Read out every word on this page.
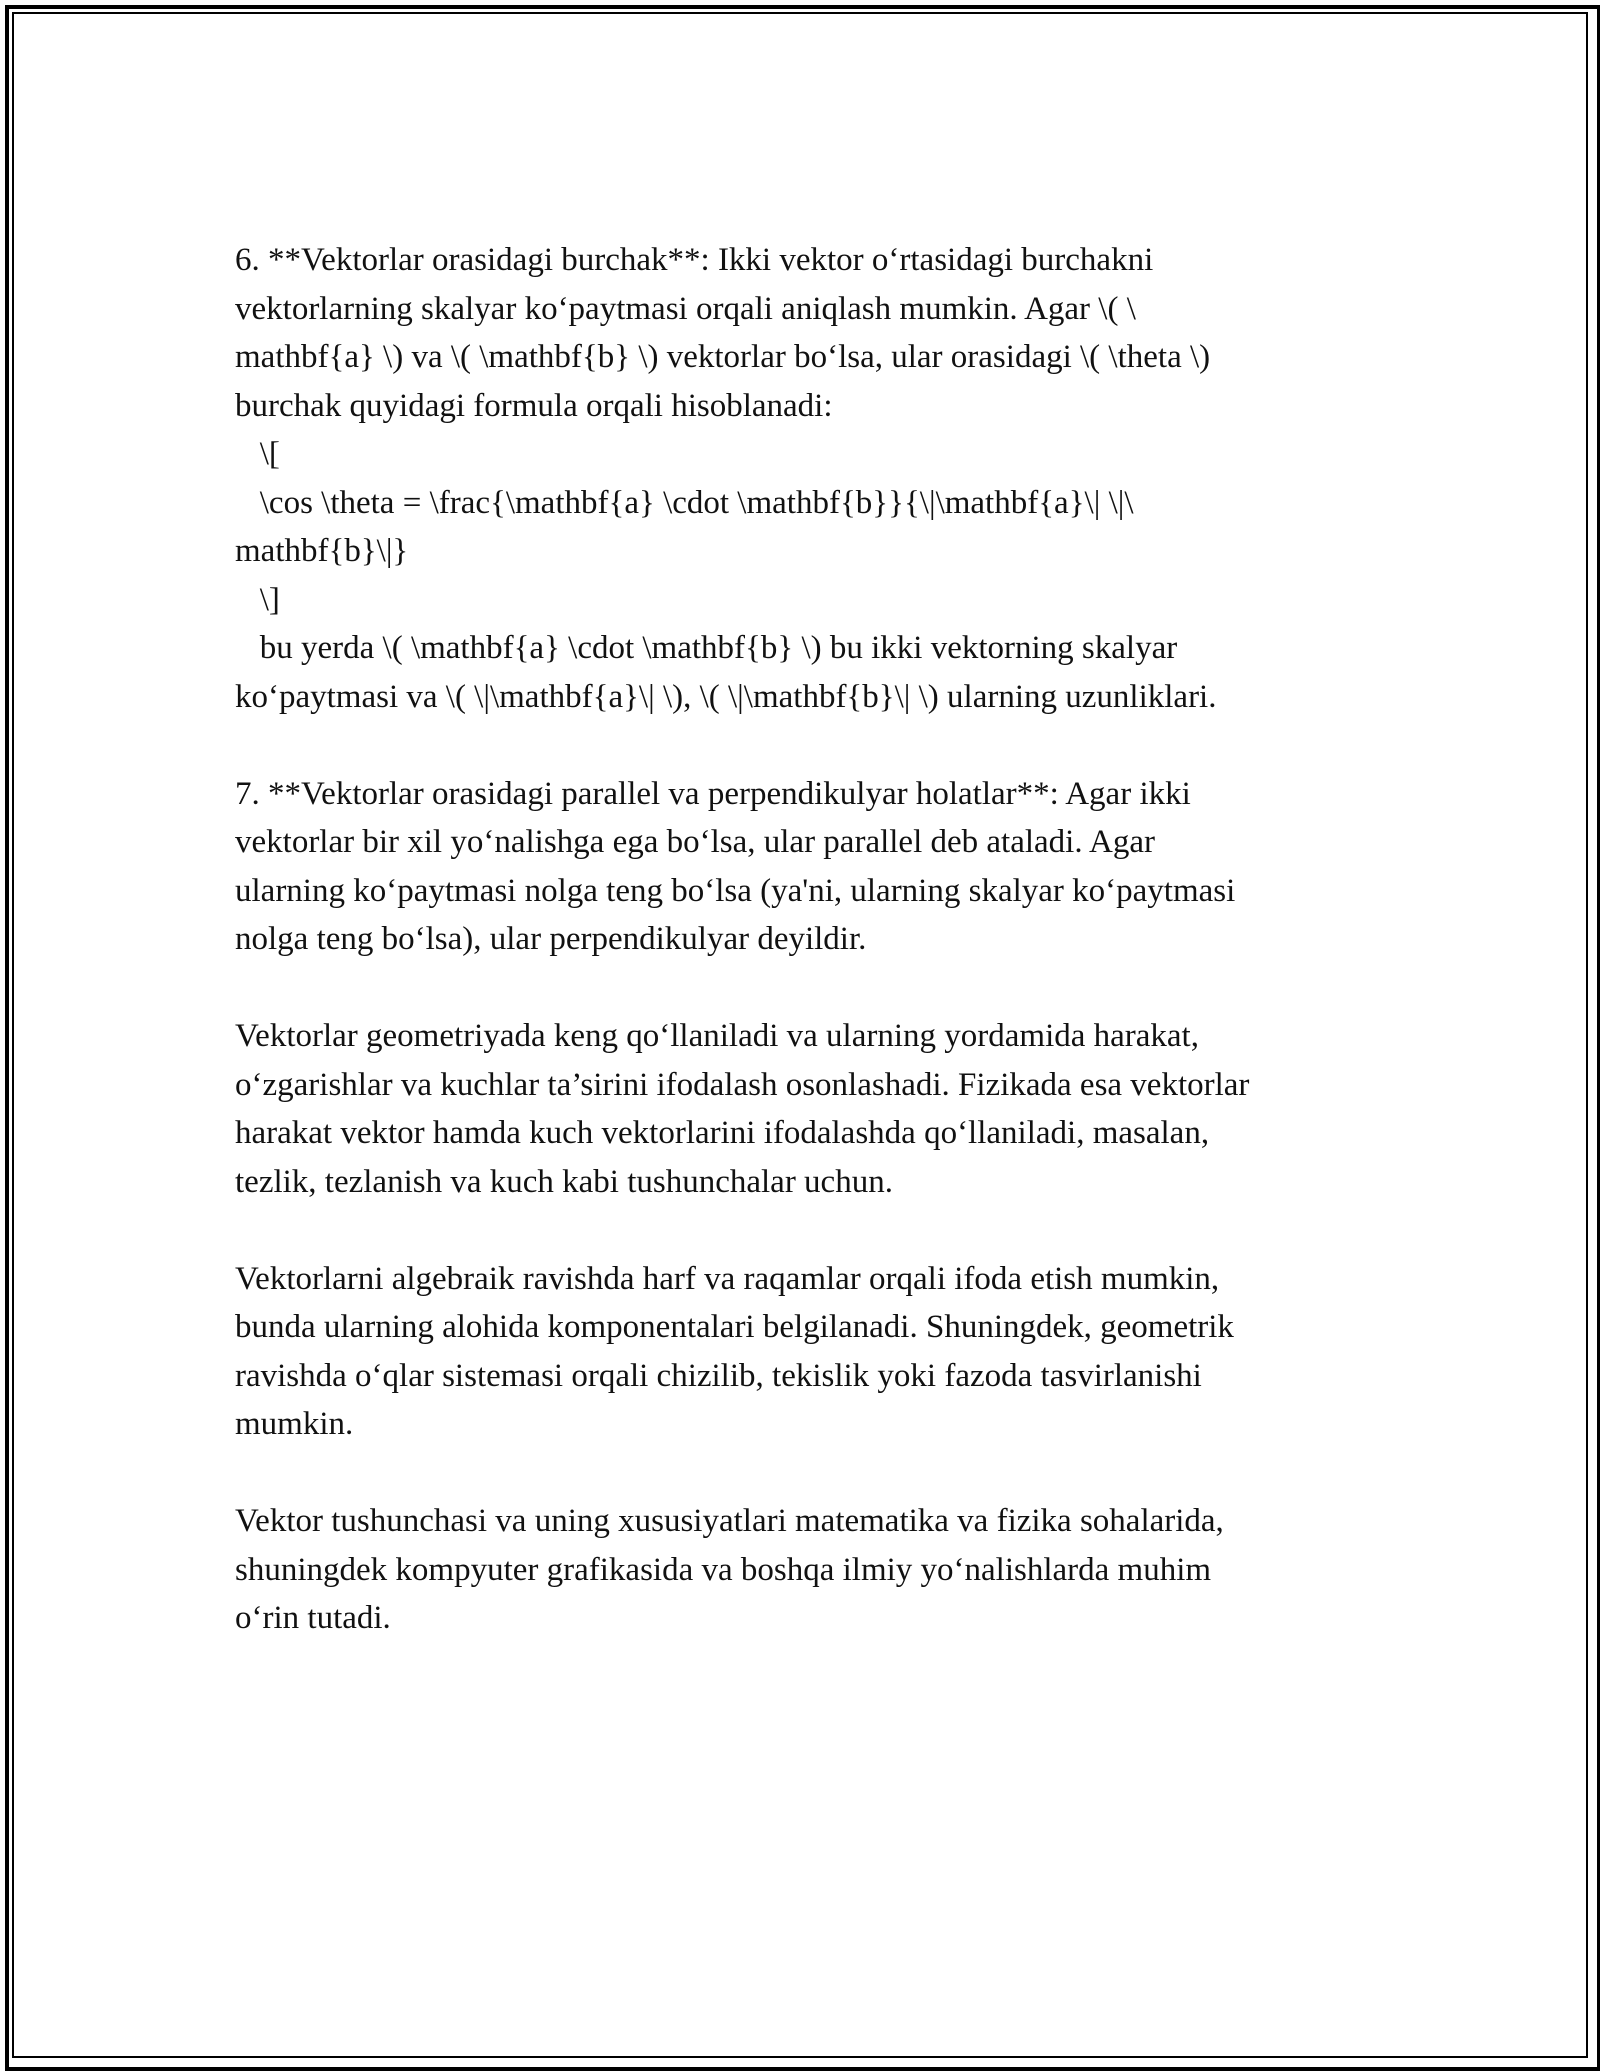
6. **Vektorlar orasidagi burchak**: Ikki vektor o‘rtasidagi burchakni
vektorlarning skalyar ko‘paytmasi orqali aniqlash mumkin. Agar \( \
mathbf{a} \) va \( \mathbf{b} \) vektorlar bo‘lsa, ular orasidagi \( \theta \)
burchak quyidagi formula orqali hisoblanadi:
\[
\cos \theta = \frac{\mathbf{a} \cdot \mathbf{b}}{\|\mathbf{a}\| \|\
mathbf{b}\|}
\]
bu yerda \( \mathbf{a} \cdot \mathbf{b} \) bu ikki vektorning skalyar
ko‘paytmasi va \( \|\mathbf{a}\| \), \( \|\mathbf{b}\| \) ularning uzunliklari.
7. **Vektorlar orasidagi parallel va perpendikulyar holatlar**: Agar ikki
vektorlar bir xil yo‘nalishga ega bo‘lsa, ular parallel deb ataladi. Agar
ularning ko‘paytmasi nolga teng bo‘lsa (ya'ni, ularning skalyar ko‘paytmasi
nolga teng bo‘lsa), ular perpendikulyar deyildir.
Vektorlar geometriyada keng qo‘llaniladi va ularning yordamida harakat,
o‘zgarishlar va kuchlar ta’sirini ifodalash osonlashadi. Fizikada esa vektorlar
harakat vektor hamda kuch vektorlarini ifodalashda qo‘llaniladi, masalan,
tezlik, tezlanish va kuch kabi tushunchalar uchun.
Vektorlarni algebraik ravishda harf va raqamlar orqali ifoda etish mumkin,
bunda ularning alohida komponentalari belgilanadi. Shuningdek, geometrik
ravishda o‘qlar sistemasi orqali chizilib, tekislik yoki fazoda tasvirlanishi
mumkin.
Vektor tushunchasi va uning xususiyatlari matematika va fizika sohalarida,
shuningdek kompyuter grafikasida va boshqa ilmiy yo‘nalishlarda muhim
o‘rin tutadi.
